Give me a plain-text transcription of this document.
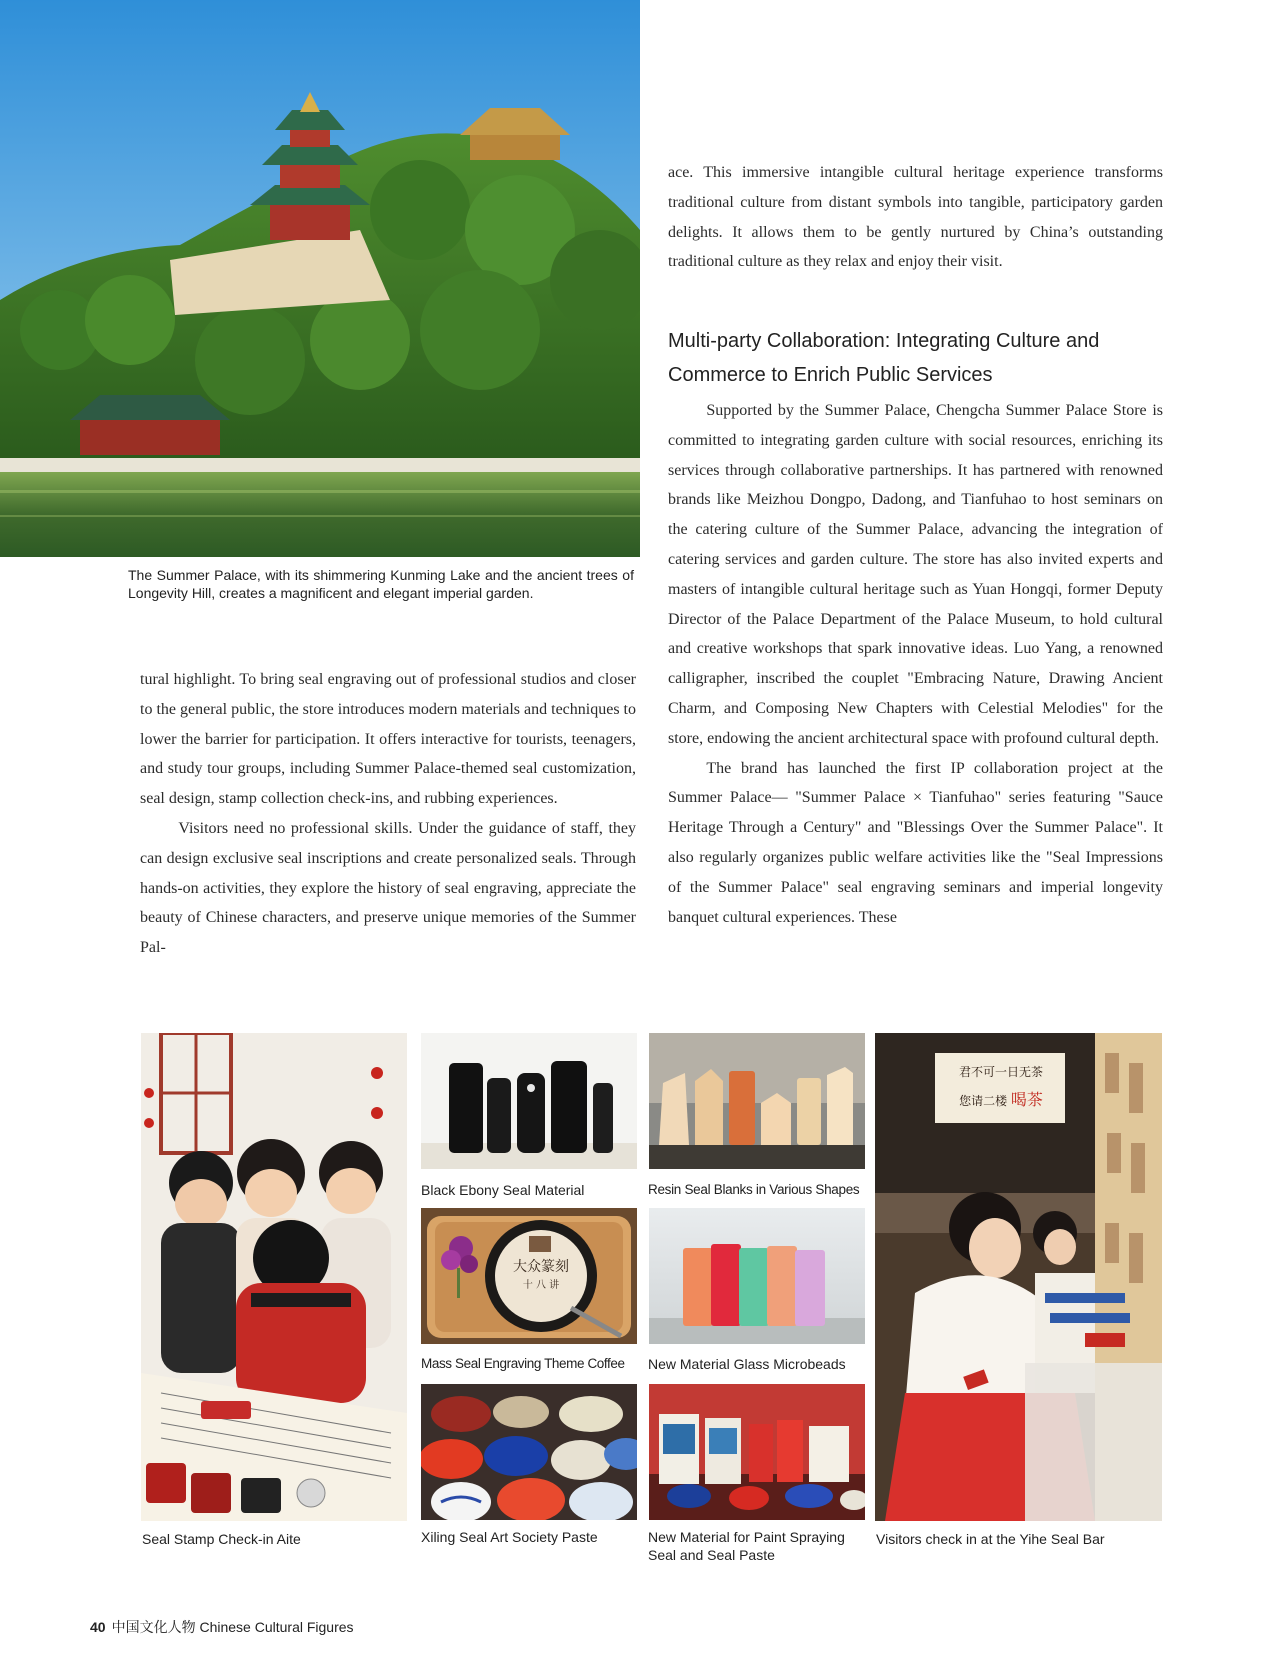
The Summer Palace, with its shimmering Kunming Lake and the ancient trees of Longevity Hill, creates a magnificent and elegant imperial garden.

ace. This immersive intangible cultural heritage experience transforms traditional culture from distant symbols into tangible, participatory garden delights. It allows them to be gently nurtured by China’s outstanding traditional culture as they relax and enjoy their visit.

Multi-party Collaboration: Integrating Culture and Commerce to Enrich Public Services

Supported by the Summer Palace, Chengcha Summer Palace Store is committed to integrating garden culture with social resources, enriching its services through collaborative partnerships. It has partnered with renowned brands like Meizhou Dongpo, Dadong, and Tianfuhao to host seminars on the catering culture of the Summer Palace, advancing the integration of catering services and garden culture. The store has also invited experts and masters of intangible cultural heritage such as Yuan Hongqi, former Deputy Director of the Palace Department of the Palace Museum, to hold cultural and creative workshops that spark innovative ideas. Luo Yang, a renowned calligrapher, inscribed the couplet "Embracing Nature, Drawing Ancient Charm, and Composing New Chapters with Celestial Melodies" for the store, endowing the ancient architectural space with profound cultural depth.

The brand has launched the first IP collaboration project at the Summer Palace— "Summer Palace × Tianfuhao" series featuring "Sauce Heritage Through a Century" and "Blessings Over the Summer Palace". It also regularly organizes public welfare activities like the "Seal Impressions of the Summer Palace" seal engraving seminars and imperial longevity banquet cultural experiences. These

tural highlight. To bring seal engraving out of professional studios and closer to the general public, the store introduces modern materials and techniques to lower the barrier for participation. It offers interactive for tourists, teenagers, and study tour groups, including Summer Palace-themed seal customization, seal design, stamp collection check-ins, and rubbing experiences.

Visitors need no professional skills. Under the guidance of staff, they can design exclusive seal inscriptions and create personalized seals. Through hands-on activities, they explore the history of seal engraving, appreciate the beauty of Chinese characters, and preserve unique memories of the Summer Pal-

Seal Stamp Check-in Aite
Black Ebony Seal Material	Resin Seal Blanks in Various Shapes
大众篆刻
十 八 讲
Mass Seal Engraving Theme Coffee	New Material Glass Microbeads
Xiling Seal Art Society Paste	New Material for Paint Spraying Seal and Seal Paste
君不可一日无茶
您请二楼 喝茶
Visitors check in at the Yihe Seal Bar
40 中国文化人物 Chinese Cultural Figures
